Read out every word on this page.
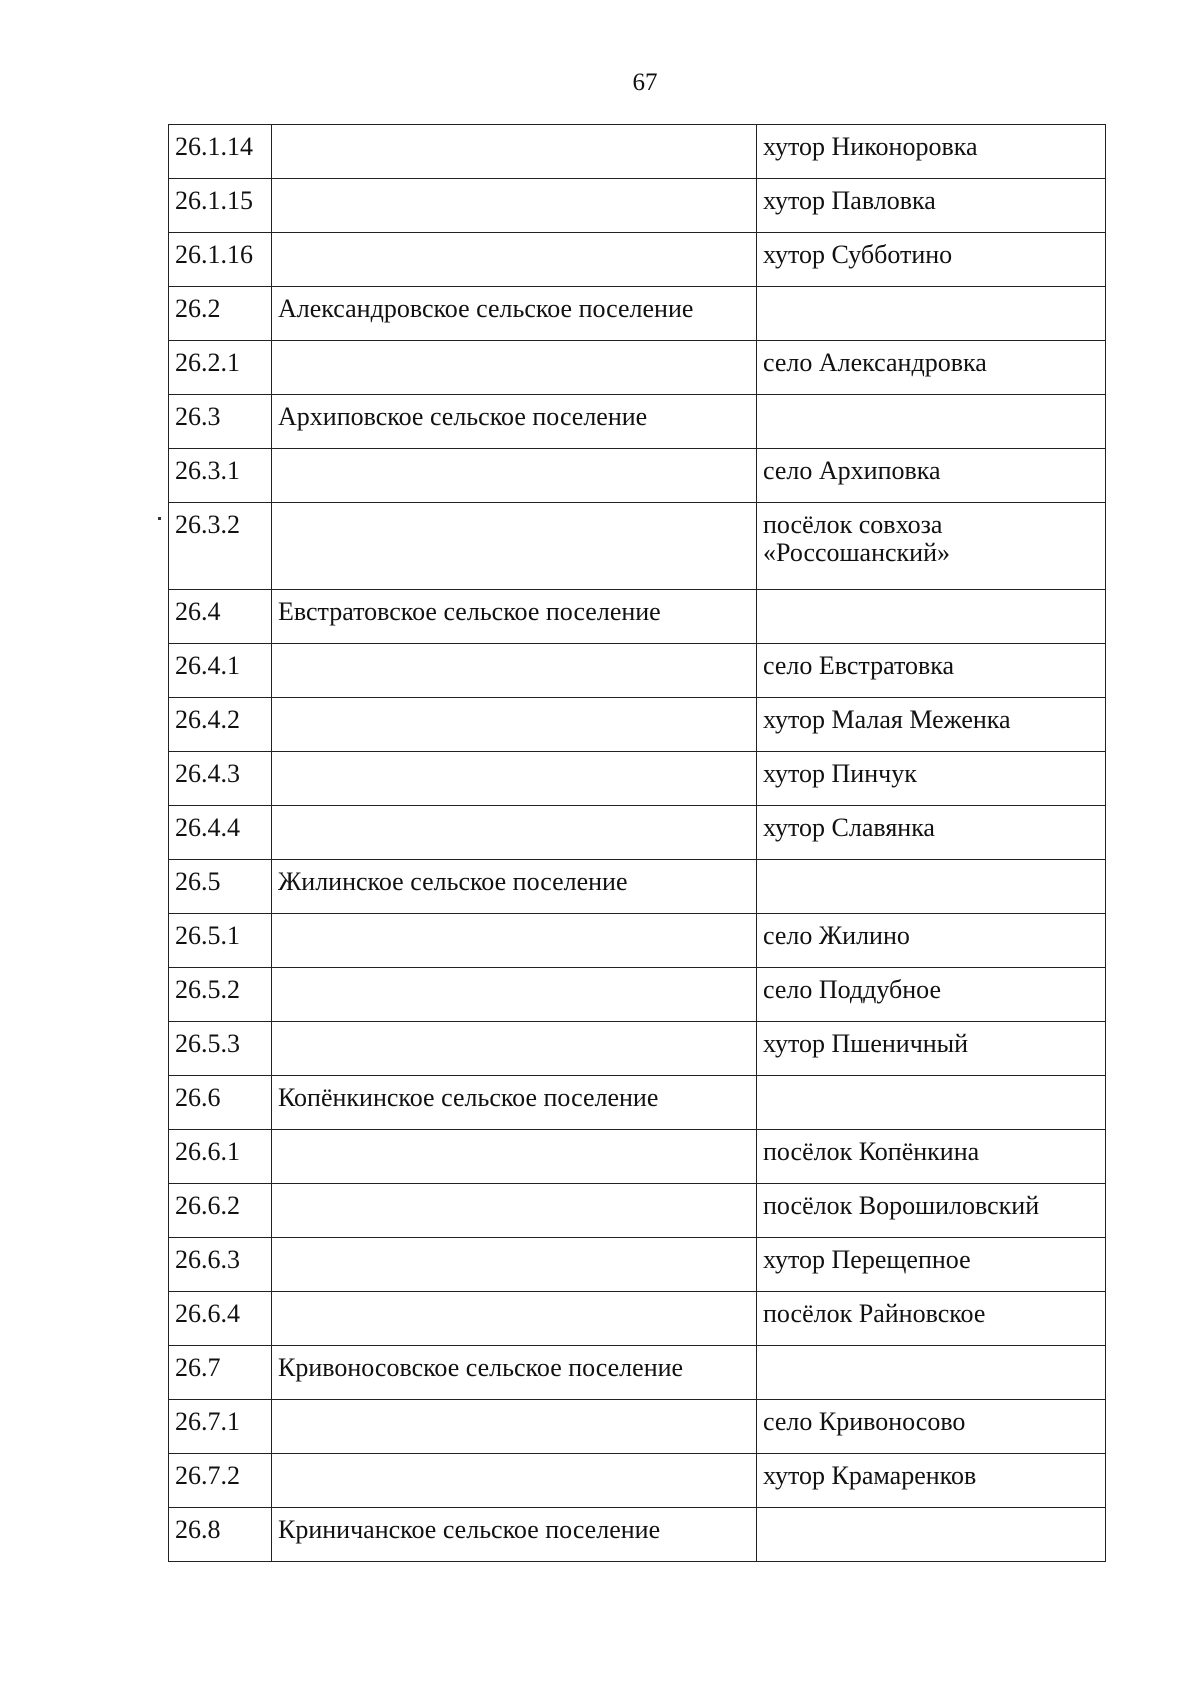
67
26.1.14		хутор Никоноровка
26.1.15		хутор Павловка
26.1.16		хутор Субботино
26.2	Александровское сельское поселение	
26.2.1		село Александровка
26.3	Архиповское сельское поселение	
26.3.1		село Архиповка
26.3.2		посёлок совхоза «Россошанский»
26.4	Евстратовское сельское поселение	
26.4.1		село Евстратовка
26.4.2		хутор Малая Меженка
26.4.3		хутор Пинчук
26.4.4		хутор Славянка
26.5	Жилинское сельское поселение	
26.5.1		село Жилино
26.5.2		село Поддубное
26.5.3		хутор Пшеничный
26.6	Копёнкинское сельское поселение	
26.6.1		посёлок Копёнкина
26.6.2		посёлок Ворошиловский
26.6.3		хутор Перещепное
26.6.4		посёлок Райновское
26.7	Кривоносовское сельское поселение	
26.7.1		село Кривоносово
26.7.2		хутор Крамаренков
26.8	Криничанское сельское поселение	
